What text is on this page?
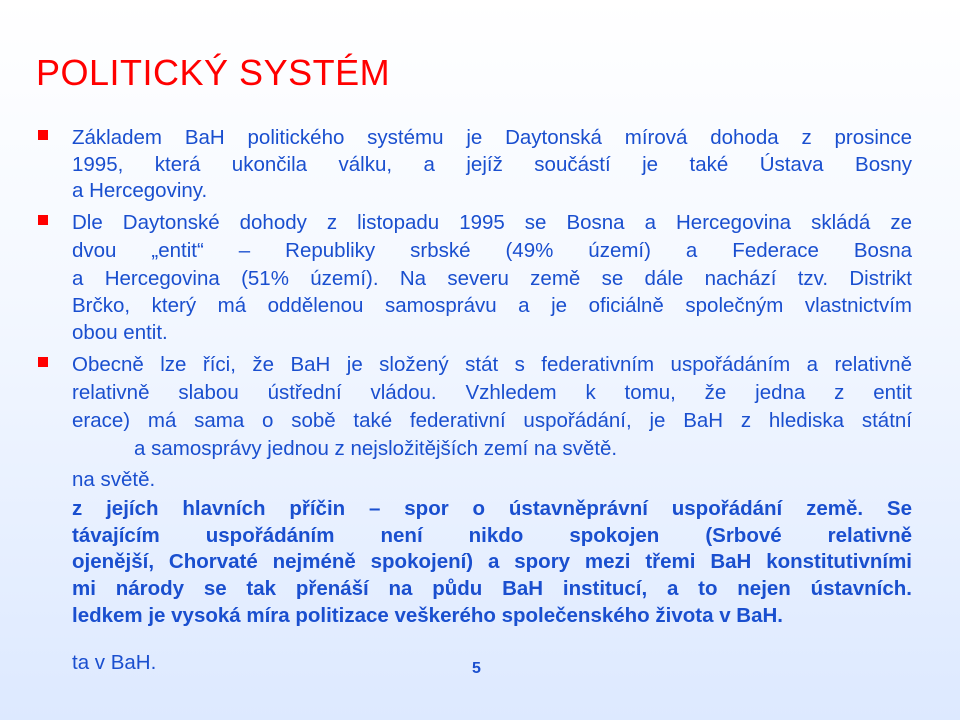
POLITICKÝ SYSTÉM
Základem BaH politického systému je Daytonská mírová dohoda z prosince
1995, která ukončila válku, a jejíž součástí je také Ústava Bosny
a Hercegoviny.
Dle Daytonské dohody z listopadu 1995 se Bosna a Hercegovina skládá ze
dvou „entit“ – Republiky srbské (49% území) a Federace Bosna
a Hercegovina (51% území). Na severu země se dále nachází tzv. Distrikt
Brčko, který má oddělenou samosprávu a je oficiálně společným vlastnictvím
obou entit.
Obecně lze říci, že BaH je složený stát s federativním uspořádáním a relativně
relativně slabou ústřední vládou. Vzhledem k tomu, že jedna z entit
erace) má sama o sobě také federativní uspořádání, je BaH z hlediska státní
a samosprávy jednou z nejsložitějších zemí na světě.
na světě.
z jejích hlavních příčin – spor o ústavněprávní uspořádání země. Se
távajícím uspořádáním není nikdo spokojen (Srbové relativně
ojenější, Chorvaté nejméně spokojení) a spory mezi třemi BaH konstitutivními
mi národy se tak přenáší na půdu BaH institucí, a to nejen ústavních.
ledkem je vysoká míra politizace veškerého společenského života v BaH.
ta v BaH.	5
